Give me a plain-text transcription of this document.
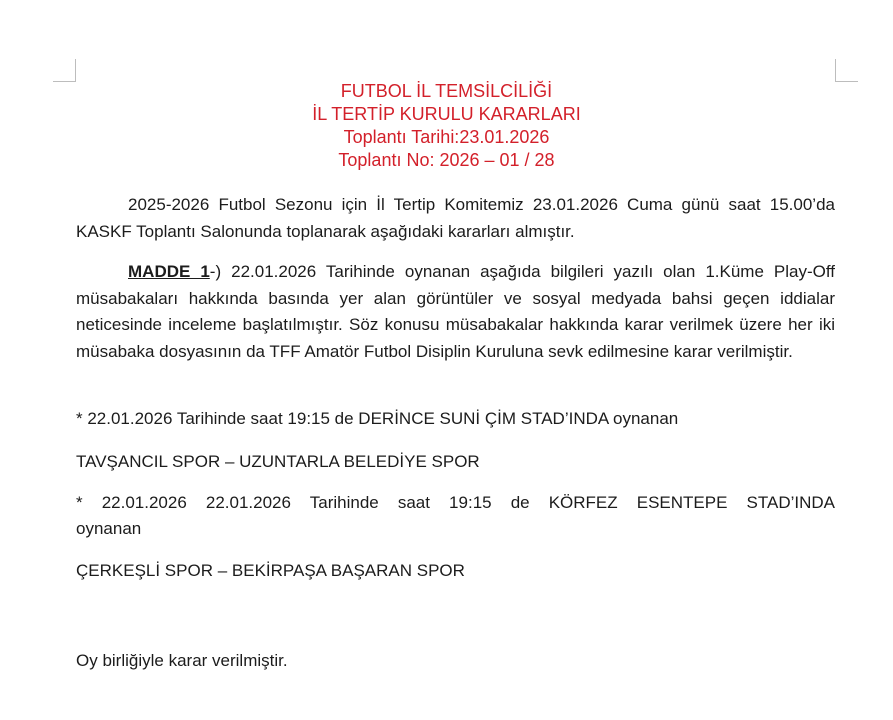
FUTBOL İL TEMSİLCİLİĞİ
İL TERTİP KURULU KARARLARI
Toplantı Tarihi:23.01.2026
Toplantı No: 2026 – 01 / 28
2025-2026 Futbol Sezonu için İl Tertip Komitemiz 23.01.2026 Cuma günü saat 15.00’da KASKF Toplantı Salonunda toplanarak aşağıdaki kararları almıştır.
MADDE 1-) 22.01.2026 Tarihinde oynanan aşağıda bilgileri yazılı olan 1.Küme Play-Off müsabakaları hakkında basında yer alan görüntüler ve sosyal medyada bahsi geçen iddialar neticesinde inceleme başlatılmıştır. Söz konusu müsabakalar hakkında karar verilmek üzere her iki müsabaka dosyasının da TFF Amatör Futbol Disiplin Kuruluna sevk edilmesine karar verilmiştir.
* 22.01.2026 Tarihinde saat 19:15 de DERİNCE SUNİ ÇİM STAD’INDA oynanan
TAVŞANCIL SPOR – UZUNTARLA BELEDİYE SPOR
* 22.01.2026 22.01.2026 Tarihinde saat 19:15 de KÖRFEZ ESENTEPE STAD’INDA
oynanan
ÇERKEŞLİ SPOR – BEKİRPAŞA BAŞARAN SPOR
Oy birliğiyle karar verilmiştir.
